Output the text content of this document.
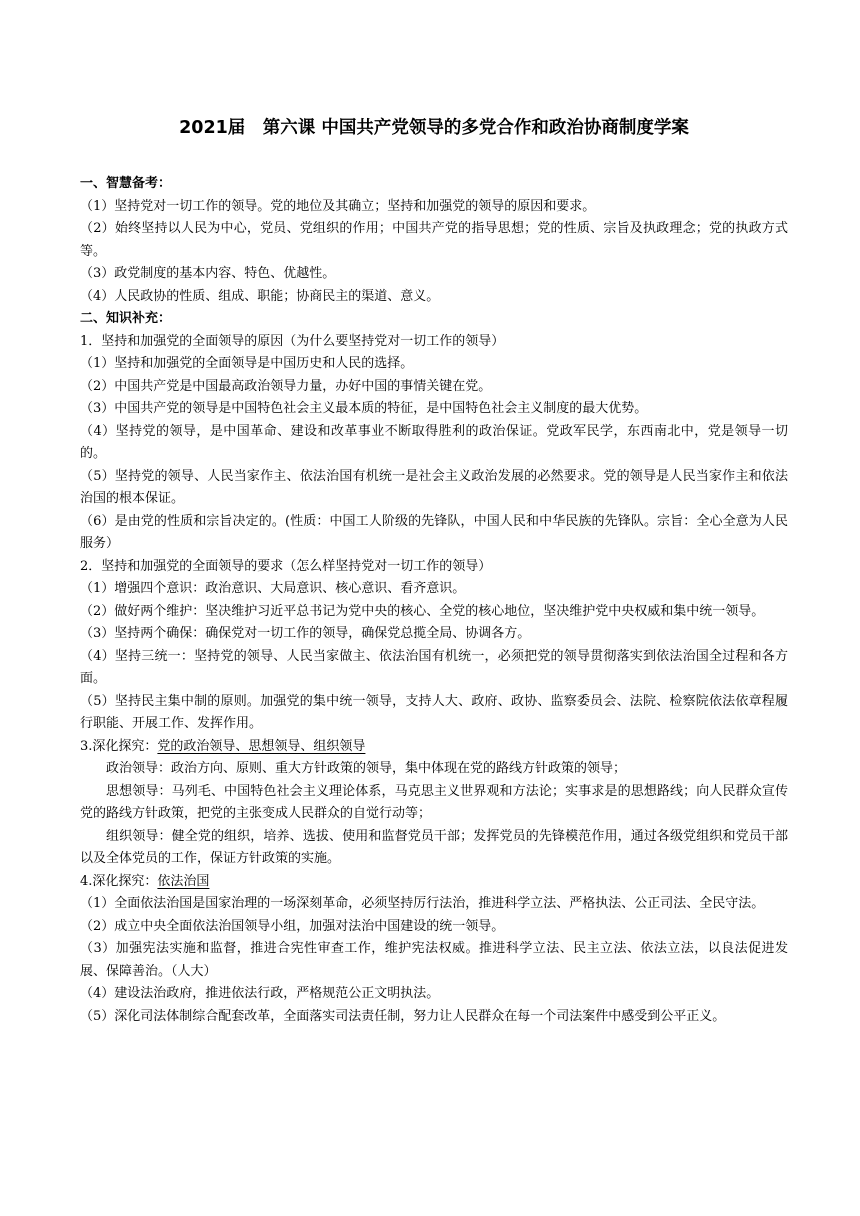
2021届　第六课 中国共产党领导的多党合作和政治协商制度学案

一、智慧备考：

（1）坚持党对一切工作的领导。党的地位及其确立；坚持和加强党的领导的原因和要求。

（2）始终坚持以人民为中心，党员、党组织的作用；中国共产党的指导思想；党的性质、宗旨及执政理念；党的执政方式等。

（3）政党制度的基本内容、特色、优越性。

（4）人民政协的性质、组成、职能；协商民主的渠道、意义。

二、知识补充：

1．坚持和加强党的全面领导的原因（为什么要坚持党对一切工作的领导）

（1）坚持和加强党的全面领导是中国历史和人民的选择。

（2）中国共产党是中国最高政治领导力量，办好中国的事情关键在党。

（3）中国共产党的领导是中国特色社会主义最本质的特征，是中国特色社会主义制度的最大优势。

（4）坚持党的领导，是中国革命、建设和改革事业不断取得胜利的政治保证。党政军民学，东西南北中，党是领导一切的。

（5）坚持党的领导、人民当家作主、依法治国有机统一是社会主义政治发展的必然要求。党的领导是人民当家作主和依法治国的根本保证。

（6）是由党的性质和宗旨决定的。(性质：中国工人阶级的先锋队，中国人民和中华民族的先锋队。宗旨：全心全意为人民服务）

2．坚持和加强党的全面领导的要求（怎么样坚持党对一切工作的领导）

（1）增强四个意识：政治意识、大局意识、核心意识、看齐意识。

（2）做好两个维护：坚决维护习近平总书记为党中央的核心、全党的核心地位，坚决维护党中央权威和集中统一领导。

（3）坚持两个确保：确保党对一切工作的领导，确保党总揽全局、协调各方。

（4）坚持三统一：坚持党的领导、人民当家做主、依法治国有机统一，必须把党的领导贯彻落实到依法治国全过程和各方面。

（5）坚持民主集中制的原则。加强党的集中统一领导，支持人大、政府、政协、监察委员会、法院、检察院依法依章程履行职能、开展工作、发挥作用。

3.深化探究：党的政治领导、思想领导、组织领导

政治领导：政治方向、原则、重大方针政策的领导，集中体现在党的路线方针政策的领导；

思想领导：马列毛、中国特色社会主义理论体系，马克思主义世界观和方法论；实事求是的思想路线；向人民群众宣传党的路线方针政策，把党的主张变成人民群众的自觉行动等；

组织领导：健全党的组织，培养、选拔、使用和监督党员干部；发挥党员的先锋模范作用，通过各级党组织和党员干部以及全体党员的工作，保证方针政策的实施。

4.深化探究：依法治国

（1）全面依法治国是国家治理的一场深刻革命，必须坚持厉行法治，推进科学立法、严格执法、公正司法、全民守法。

（2）成立中央全面依法治国领导小组，加强对法治中国建设的统一领导。

（3）加强宪法实施和监督，推进合宪性审查工作，维护宪法权威。推进科学立法、民主立法、依法立法，以良法促进发展、保障善治。（人大）

（4）建设法治政府，推进依法行政，严格规范公正文明执法。

（5）深化司法体制综合配套改革，全面落实司法责任制，努力让人民群众在每一个司法案件中感受到公平正义。
